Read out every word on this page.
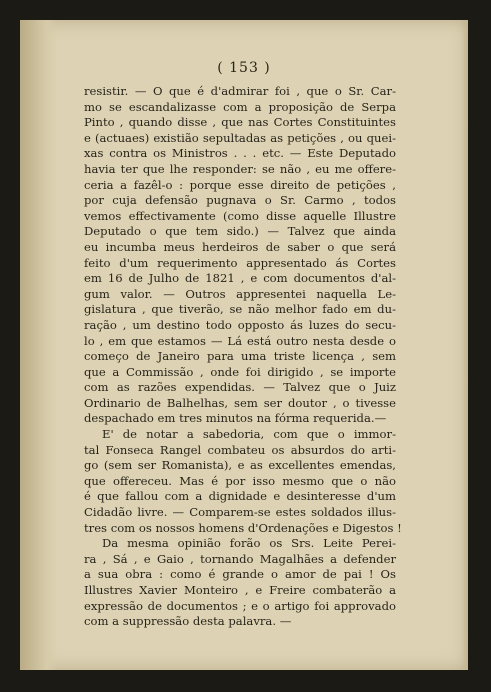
( 153 )
resistir. — O que é d'admirar foi , que o Sr. Car-
mo se escandalizasse com a proposição de Serpa
Pinto , quando disse , que nas Cortes Constituintes
e (actuaes) existião sepultadas as petições , ou quei-
xas contra os Ministros . . . etc. — Este Deputado
havia ter que lhe responder: se não , eu me offere-
ceria a fazêl-o : porque esse direito de petições ,
por cuja defensão pugnava o Sr. Carmo , todos
vemos effectivamente (como disse aquelle Illustre
Deputado o que tem sido.) — Talvez que ainda
eu incumba meus herdeiros de saber o que será
feito d'um requerimento appresentado ás Cortes
em 16 de Julho de 1821 , e com documentos d'al-
gum valor. — Outros appresentei naquella Le-
gislatura , que tiverão, se não melhor fado em du-
ração , um destino todo opposto ás luzes do secu-
lo , em que estamos — Lá está outro nesta desde o
começo de Janeiro para uma triste licença , sem
que a Commissão , onde foi dirigido , se importe
com as razões expendidas. — Talvez que o Juiz
Ordinario de Balhelhas, sem ser doutor , o tivesse
despachado em tres minutos na fórma requerida.—
E' de notar a sabedoria, com que o immor-
tal Fonseca Rangel combateu os absurdos do arti-
go (sem ser Romanista), e as excellentes emendas,
que offereceu. Mas é por isso mesmo que o não
é que fallou com a dignidade e desinteresse d'um
Cidadão livre. — Comparem-se estes soldados illus-
tres com os nossos homens d'Ordenações e Digestos !
Da mesma opinião forão os Srs. Leite Perei-
ra , Sá , e Gaio , tornando Magalhães a defender
a sua obra : como é grande o amor de pai ! Os
Illustres Xavier Monteiro , e Freire combaterão a
expressão de documentos ; e o artigo foi approvado
com a suppressão desta palavra. —
